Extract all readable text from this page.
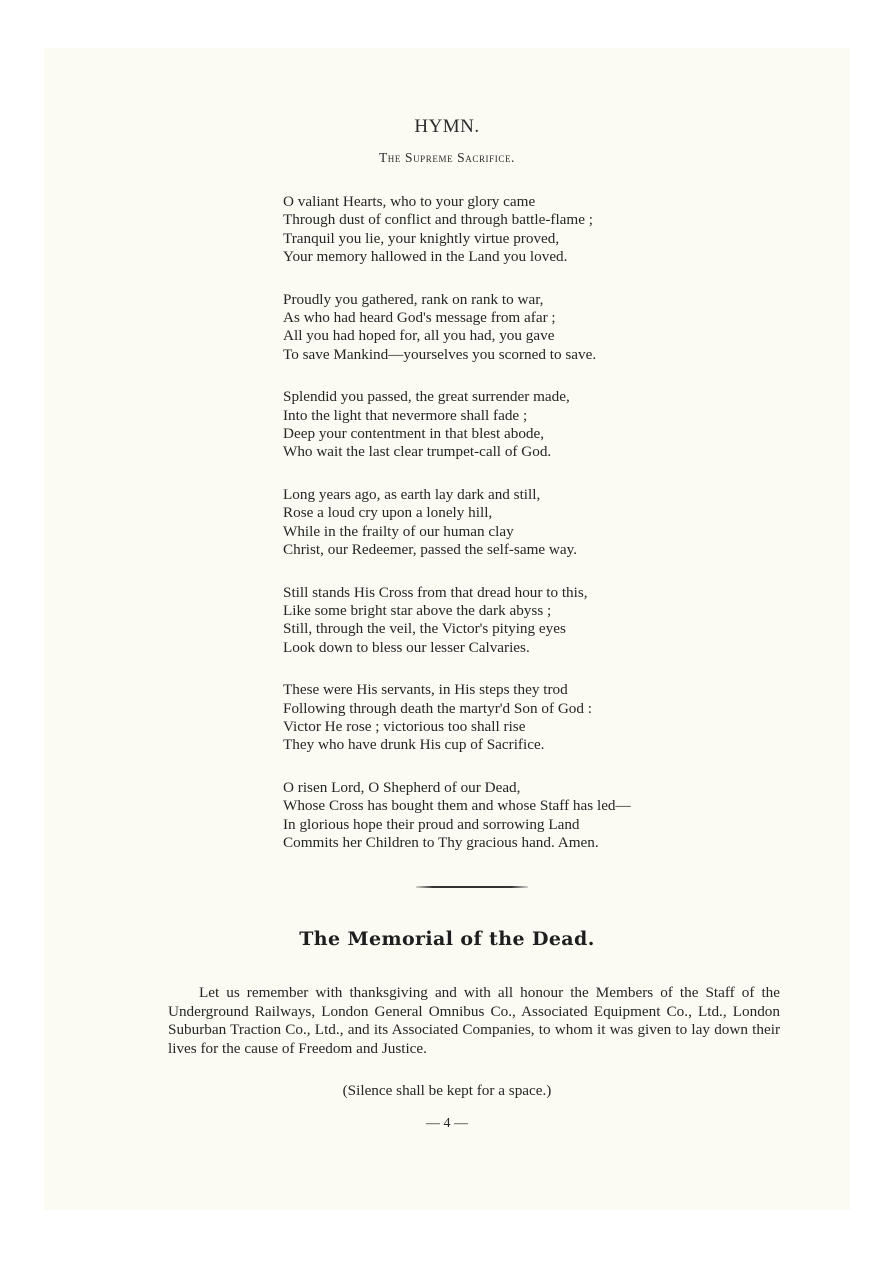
HYMN.
The Supreme Sacrifice.
O valiant Hearts, who to your glory came
Through dust of conflict and through battle-flame ;
Tranquil you lie, your knightly virtue proved,
Your memory hallowed in the Land you loved.
Proudly you gathered, rank on rank to war,
As who had heard God's message from afar ;
All you had hoped for, all you had, you gave
To save Mankind—yourselves you scorned to save.
Splendid you passed, the great surrender made,
Into the light that nevermore shall fade ;
Deep your contentment in that blest abode,
Who wait the last clear trumpet-call of God.
Long years ago, as earth lay dark and still,
Rose a loud cry upon a lonely hill,
While in the frailty of our human clay
Christ, our Redeemer, passed the self-same way.
Still stands His Cross from that dread hour to this,
Like some bright star above the dark abyss ;
Still, through the veil, the Victor's pitying eyes
Look down to bless our lesser Calvaries.
These were His servants, in His steps they trod
Following through death the martyr'd Son of God :
Victor He rose ; victorious too shall rise
They who have drunk His cup of Sacrifice.
O risen Lord, O Shepherd of our Dead,
Whose Cross has bought them and whose Staff has led—
In glorious hope their proud and sorrowing Land
Commits her Children to Thy gracious hand. Amen.
The Memorial of the Dead.
Let us remember with thanksgiving and with all honour the Members of the Staff of the Underground Railways, London General Omnibus Co., Associated Equipment Co., Ltd., London Suburban Traction Co., Ltd., and its Associated Companies, to whom it was given to lay down their lives for the cause of Freedom and Justice.
(Silence shall be kept for a space.)
— 4 —
